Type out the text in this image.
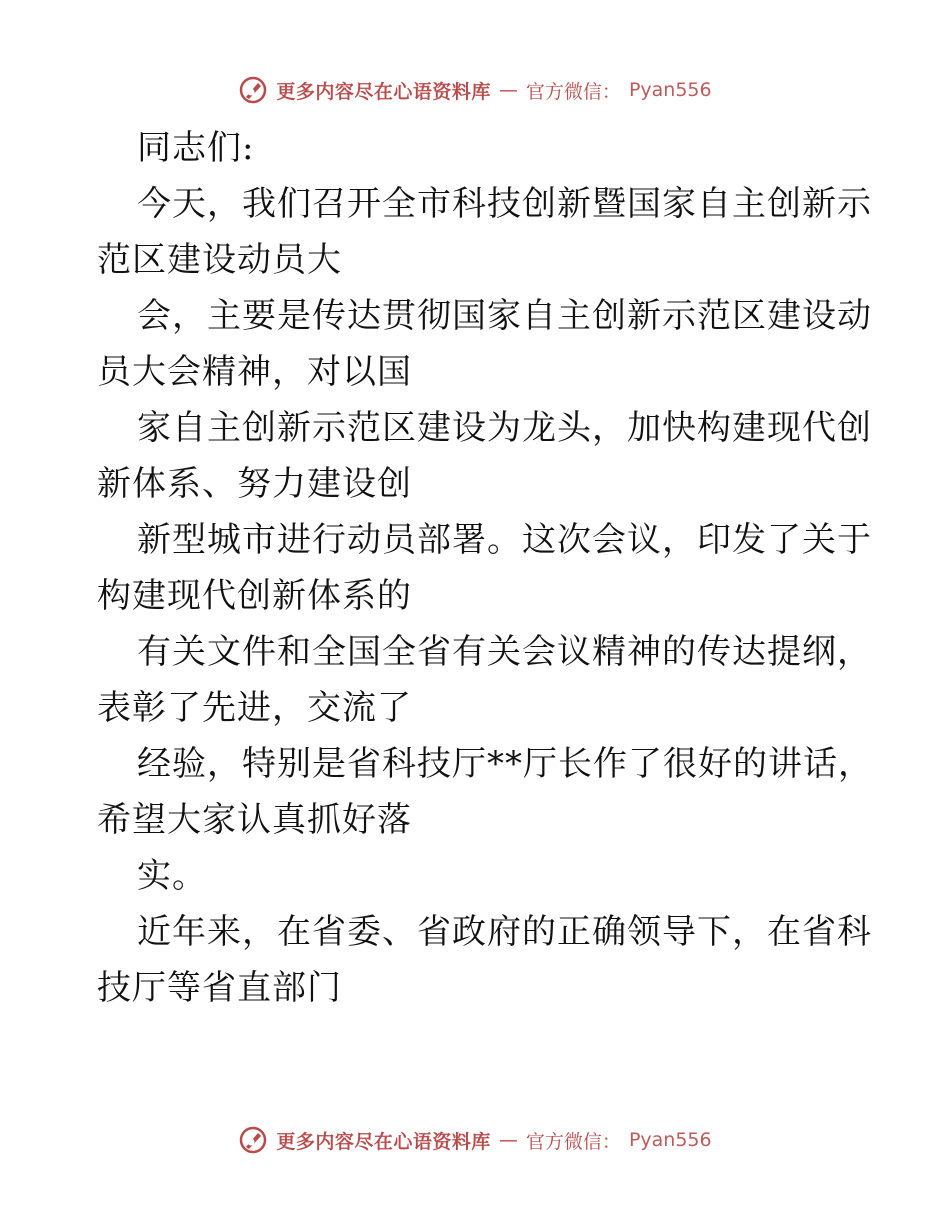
更多内容尽在心语资料库 — 官方微信： Pyan556
同志们:
今天，我们召开全市科技创新暨国家自主创新示
范区建设动员大
会，主要是传达贯彻国家自主创新示范区建设动
员大会精神，对以国
家自主创新示范区建设为龙头，加快构建现代创
新体系、努力建设创
新型城市进行动员部署。这次会议，印发了关于
构建现代创新体系的
有关文件和全国全省有关会议精神的传达提纲，
表彰了先进，交流了
经验，特别是省科技厅**厅长作了很好的讲话，
希望大家认真抓好落
实。
近年来，在省委、省政府的正确领导下，在省科
技厅等省直部门
更多内容尽在心语资料库 — 官方微信： Pyan556
